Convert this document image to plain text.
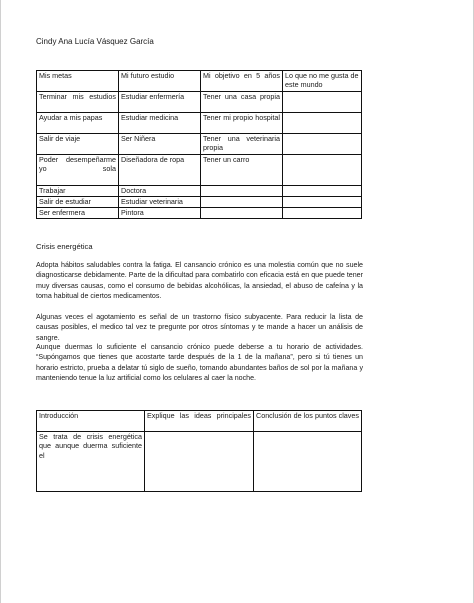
Cindy Ana Lucía Vásquez García
Mis metas	Mi futuro estudio	Mi objetivo en 5 años	Lo que no me gusta de este mundo
Terminar mis estudios	Estudiar enfermería	Tener una casa propia	
Ayudar a mis papas	Estudiar medicina	Tener mi propio hospital	
Salir de viaje	Ser Niñera	Tener una veterinaria propia	
Poder desempeñarme yo sola	Diseñadora de ropa	Tener un carro	
Trabajar	Doctora		
Salir de estudiar	Estudiar veterinaria		
Ser enfermera	Pintora		
Crisis energética

Adopta hábitos saludables contra la fatiga. El cansancio crónico es una molestia común que no suele diagnosticarse debidamente. Parte de la dificultad para combatirlo con eficacia está en que puede tener muy diversas causas, como el consumo de bebidas alcohólicas, la ansiedad, el abuso de cafeína y la toma habitual de ciertos medicamentos.

Algunas veces el agotamiento es señal de un trastorno físico subyacente. Para reducir la lista de causas posibles, el medico tal vez te pregunte por otros síntomas y te mande a hacer un análisis de sangre.

Aunque duermas lo suficiente el cansancio crónico puede deberse a tu horario de actividades. “Supóngamos que tienes que acostarte tarde después de la 1 de la mañana”, pero si tú tienes un horario estricto, prueba a delatar tú siglo de sueño, tomando abundantes baños de sol por la mañana y manteniendo tenue la luz artificial como los celulares al caer la noche.

Introducción	Explique las ideas principales	Conclusión de los puntos claves
Se trata de crisis energética que aunque duerma suficiente el		
